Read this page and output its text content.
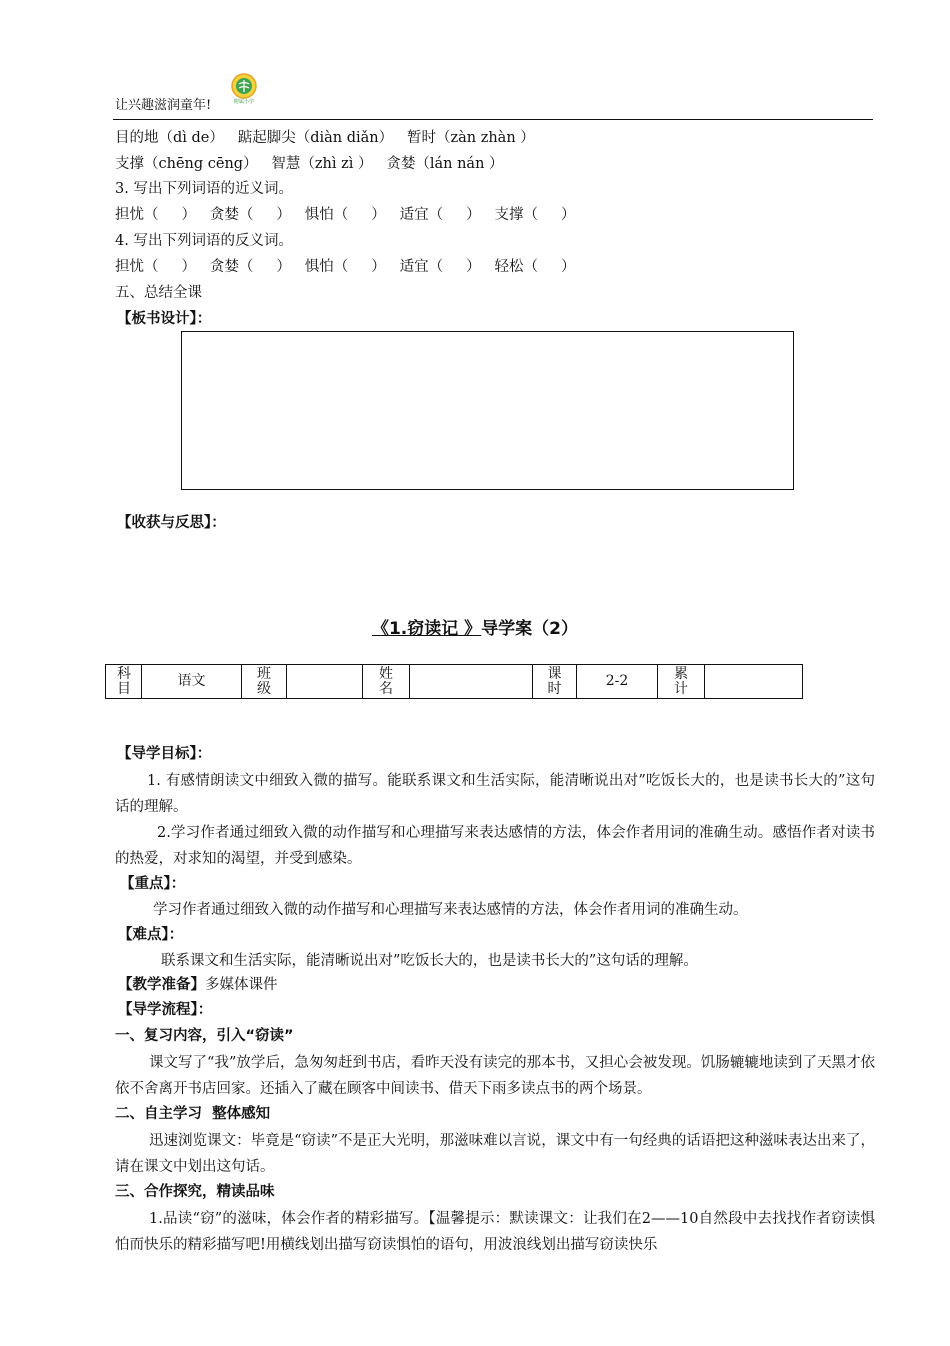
让兴趣滋润童年!	附属小学
目的地（dì de）   踮起脚尖（diàn diǎn）   暂时（zàn zhàn ）
支撑（chēng cēng）   智慧（zhì zì ）   贪婪（lán nán ）
3. 写出下列词语的近义词。
担忧（     ）   贪婪（     ）   惧怕（     ）   适宜（     ）   支撑（     ）
4. 写出下列词语的反义词。
担忧（     ）   贪婪（     ）   惧怕（     ）   适宜（     ）   轻松（     ）
五、总结全课
【板书设计】：
【收获与反思】：
《1.窃读记 》导学案（2）
科目	语文	班级		姓名		课时	2-2	累计	
【导学目标】：
1. 有感情朗读文中细致入微的描写。能联系课文和生活实际，能清晰说出对”吃饭长大的，也是读书长大的”这句话的理解。
2.学习作者通过细致入微的动作描写和心理描写来表达感情的方法，体会作者用词的准确生动。感悟作者对读书的热爱，对求知的渴望，并受到感染。
【重点】：
学习作者通过细致入微的动作描写和心理描写来表达感情的方法，体会作者用词的准确生动。
【难点】：
联系课文和生活实际，能清晰说出对”吃饭长大的，也是读书长大的”这句话的理解。
【教学准备】多媒体课件
【导学流程】：
一、复习内容，引入“窃读”
课文写了“我”放学后，急匆匆赶到书店，看昨天没有读完的那本书，又担心会被发现。饥肠辘辘地读到了天黑才依依不舍离开书店回家。还插入了藏在顾客中间读书、借天下雨多读点书的两个场景。
二、自主学习  整体感知
迅速浏览课文：毕竟是“窃读”不是正大光明，那滋味难以言说，课文中有一句经典的话语把这种滋味表达出来了，请在课文中划出这句话。
三、合作探究，精读品味
1.品读“窃”的滋味，体会作者的精彩描写。【温馨提示：默读课文：让我们在2——10自然段中去找找作者窃读惧怕而快乐的精彩描写吧!用横线划出描写窃读惧怕的语句，用波浪线划出描写窃读快乐
